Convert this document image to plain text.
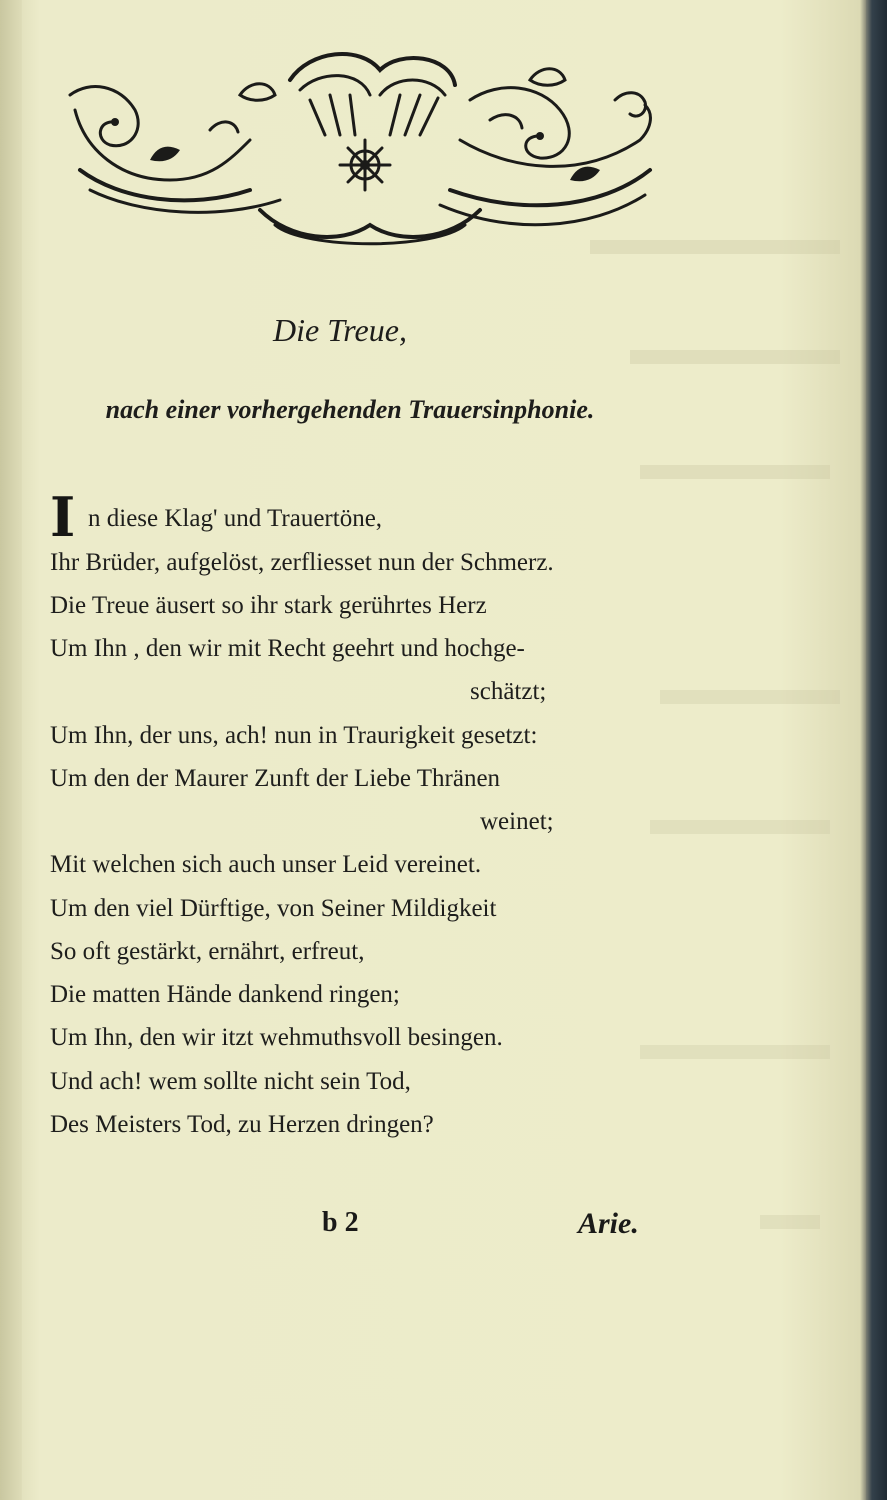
Die Treue,
nach einer vorhergehenden Trauersinphonie.
I n diese Klag' und Trauertöne,
Ihr Brüder, aufgelöst, zerfliesset nun der Schmerz.
Die Treue äusert so ihr stark gerührtes Herz
Um Ihn , den wir mit Recht geehrt und hochge-
schätzt;
Um Ihn, der uns, ach! nun in Traurigkeit gesetzt:
Um den der Maurer Zunft der Liebe Thränen
weinet;
Mit welchen sich auch unser Leid vereinet.
Um den viel Dürftige, von Seiner Mildigkeit
So oft gestärkt, ernährt, erfreut,
Die matten Hände dankend ringen;
Um Ihn, den wir itzt wehmuthsvoll besingen.
Und ach! wem sollte nicht sein Tod,
Des Meisters Tod, zu Herzen dringen?
b 2	Arie.
